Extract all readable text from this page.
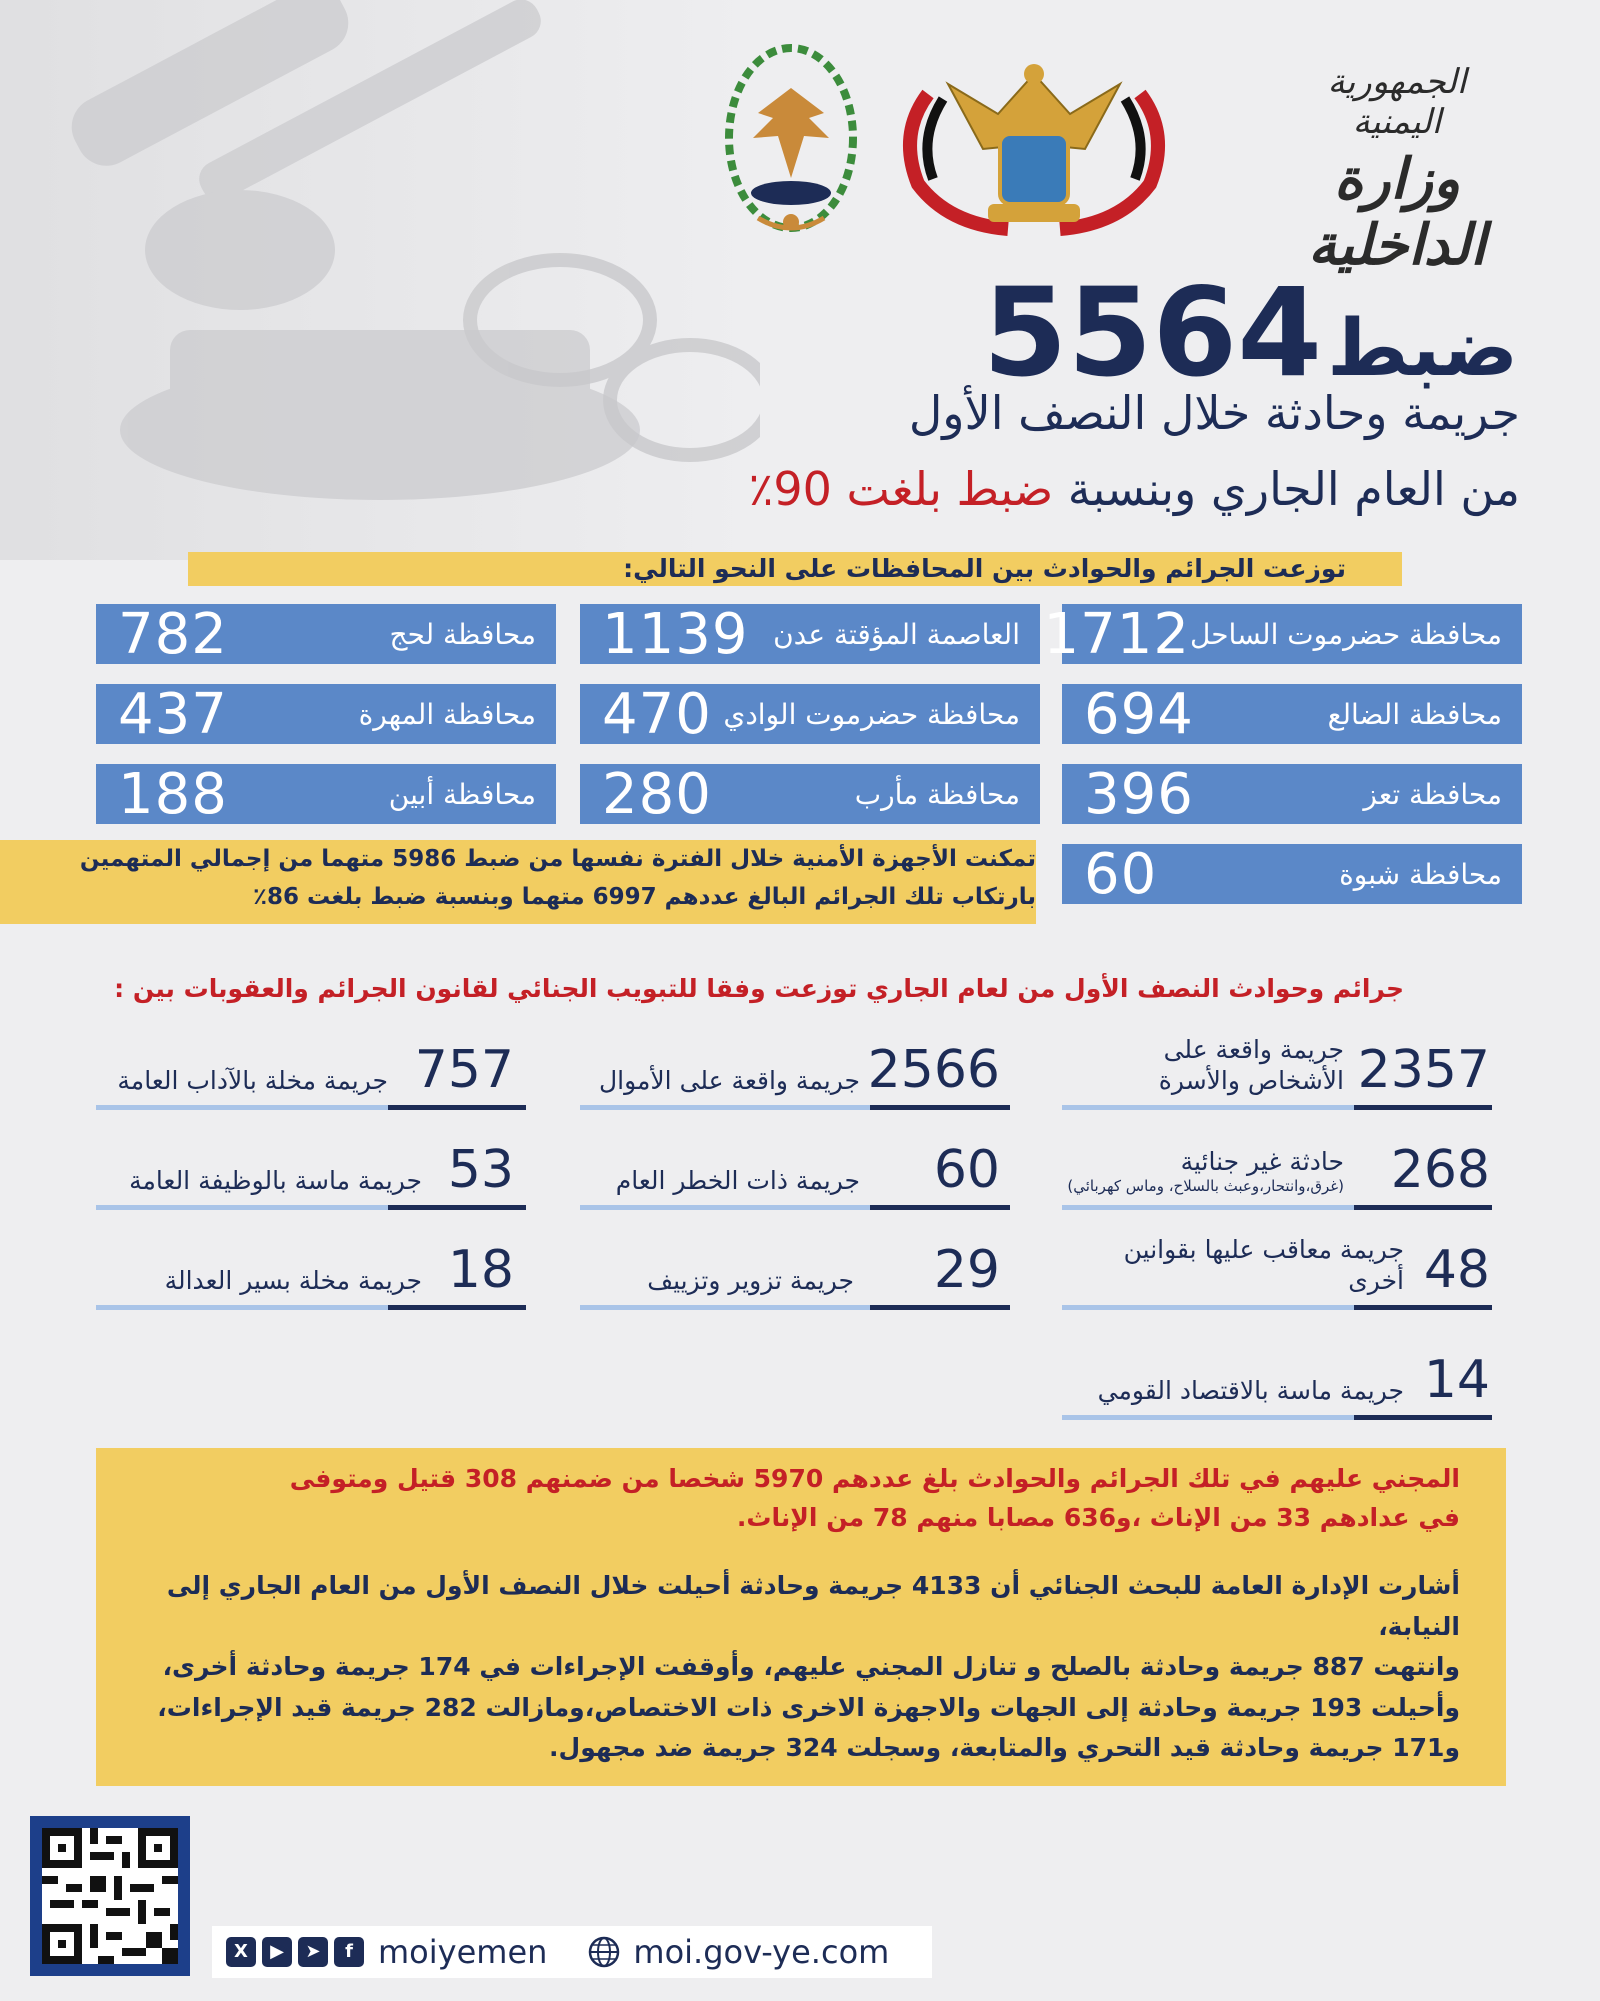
الجمهورية اليمنية
وزارة الداخلية
ضبط 5564
جريمة وحادثة خلال النصف الأول
من العام الجاري وبنسبة ضبط بلغت 90٪
توزعت الجرائم والحوادث بين المحافظات على النحو التالي:
محافظة حضرموت الساحل
1712
العاصمة المؤقتة عدن
1139
محافظة لحج
782
محافظة الضالع
694
محافظة حضرموت الوادي
470
محافظة المهرة
437
محافظة تعز
396
محافظة مأرب
280
محافظة أبين
188
محافظة شبوة
60
تمكنت الأجهزة الأمنية خلال الفترة نفسها من ضبط 5986 متهما من إجمالي المتهمين
بارتكاب تلك الجرائم البالغ عددهم 6997 متهما وبنسبة ضبط بلغت 86٪
جرائم وحوادث النصف الأول من لعام الجاري توزعت وفقا للتبويب الجنائي لقانون الجرائم والعقوبات بين :
2357
جريمة واقعة على
الأشخاص والأسرة
2566
جريمة واقعة على الأموال
757
جريمة مخلة بالآداب العامة
268
حادثة غير جنائية
(غرق،وانتحار،وعبث بالسلاح، وماس كهربائي)
60
جريمة ذات الخطر العام
53
جريمة ماسة بالوظيفة العامة
48
جريمة معاقب عليها بقوانين
أخرى
29
جريمة تزوير وتزييف
18
جريمة مخلة بسير العدالة
14
جريمة ماسة بالاقتصاد القومي
المجني عليهم في تلك الجرائم والحوادث بلغ عددهم 5970 شخصا من ضمنهم 308 قتيل ومتوفى
في عدادهم 33 من الإناث ،و636 مصابا منهم 78 من الإناث.
أشارت الإدارة العامة للبحث الجنائي أن 4133 جريمة وحادثة أحيلت خلال النصف الأول من العام الجاري إلى النيابة،
وانتهت 887 جريمة وحادثة بالصلح و تنازل المجني عليهم، وأوقفت الإجراءات في 174 جريمة وحادثة أخرى،
وأحيلت 193 جريمة وحادثة إلى الجهات والاجهزة الاخرى ذات الاختصاص،ومازالت 282 جريمة قيد الإجراءات،
و171 جريمة وحادثة قيد التحري والمتابعة، وسجلت 324 جريمة ضد مجهول.
X	▶	➤	f moiyemen	moi.gov-ye.com
